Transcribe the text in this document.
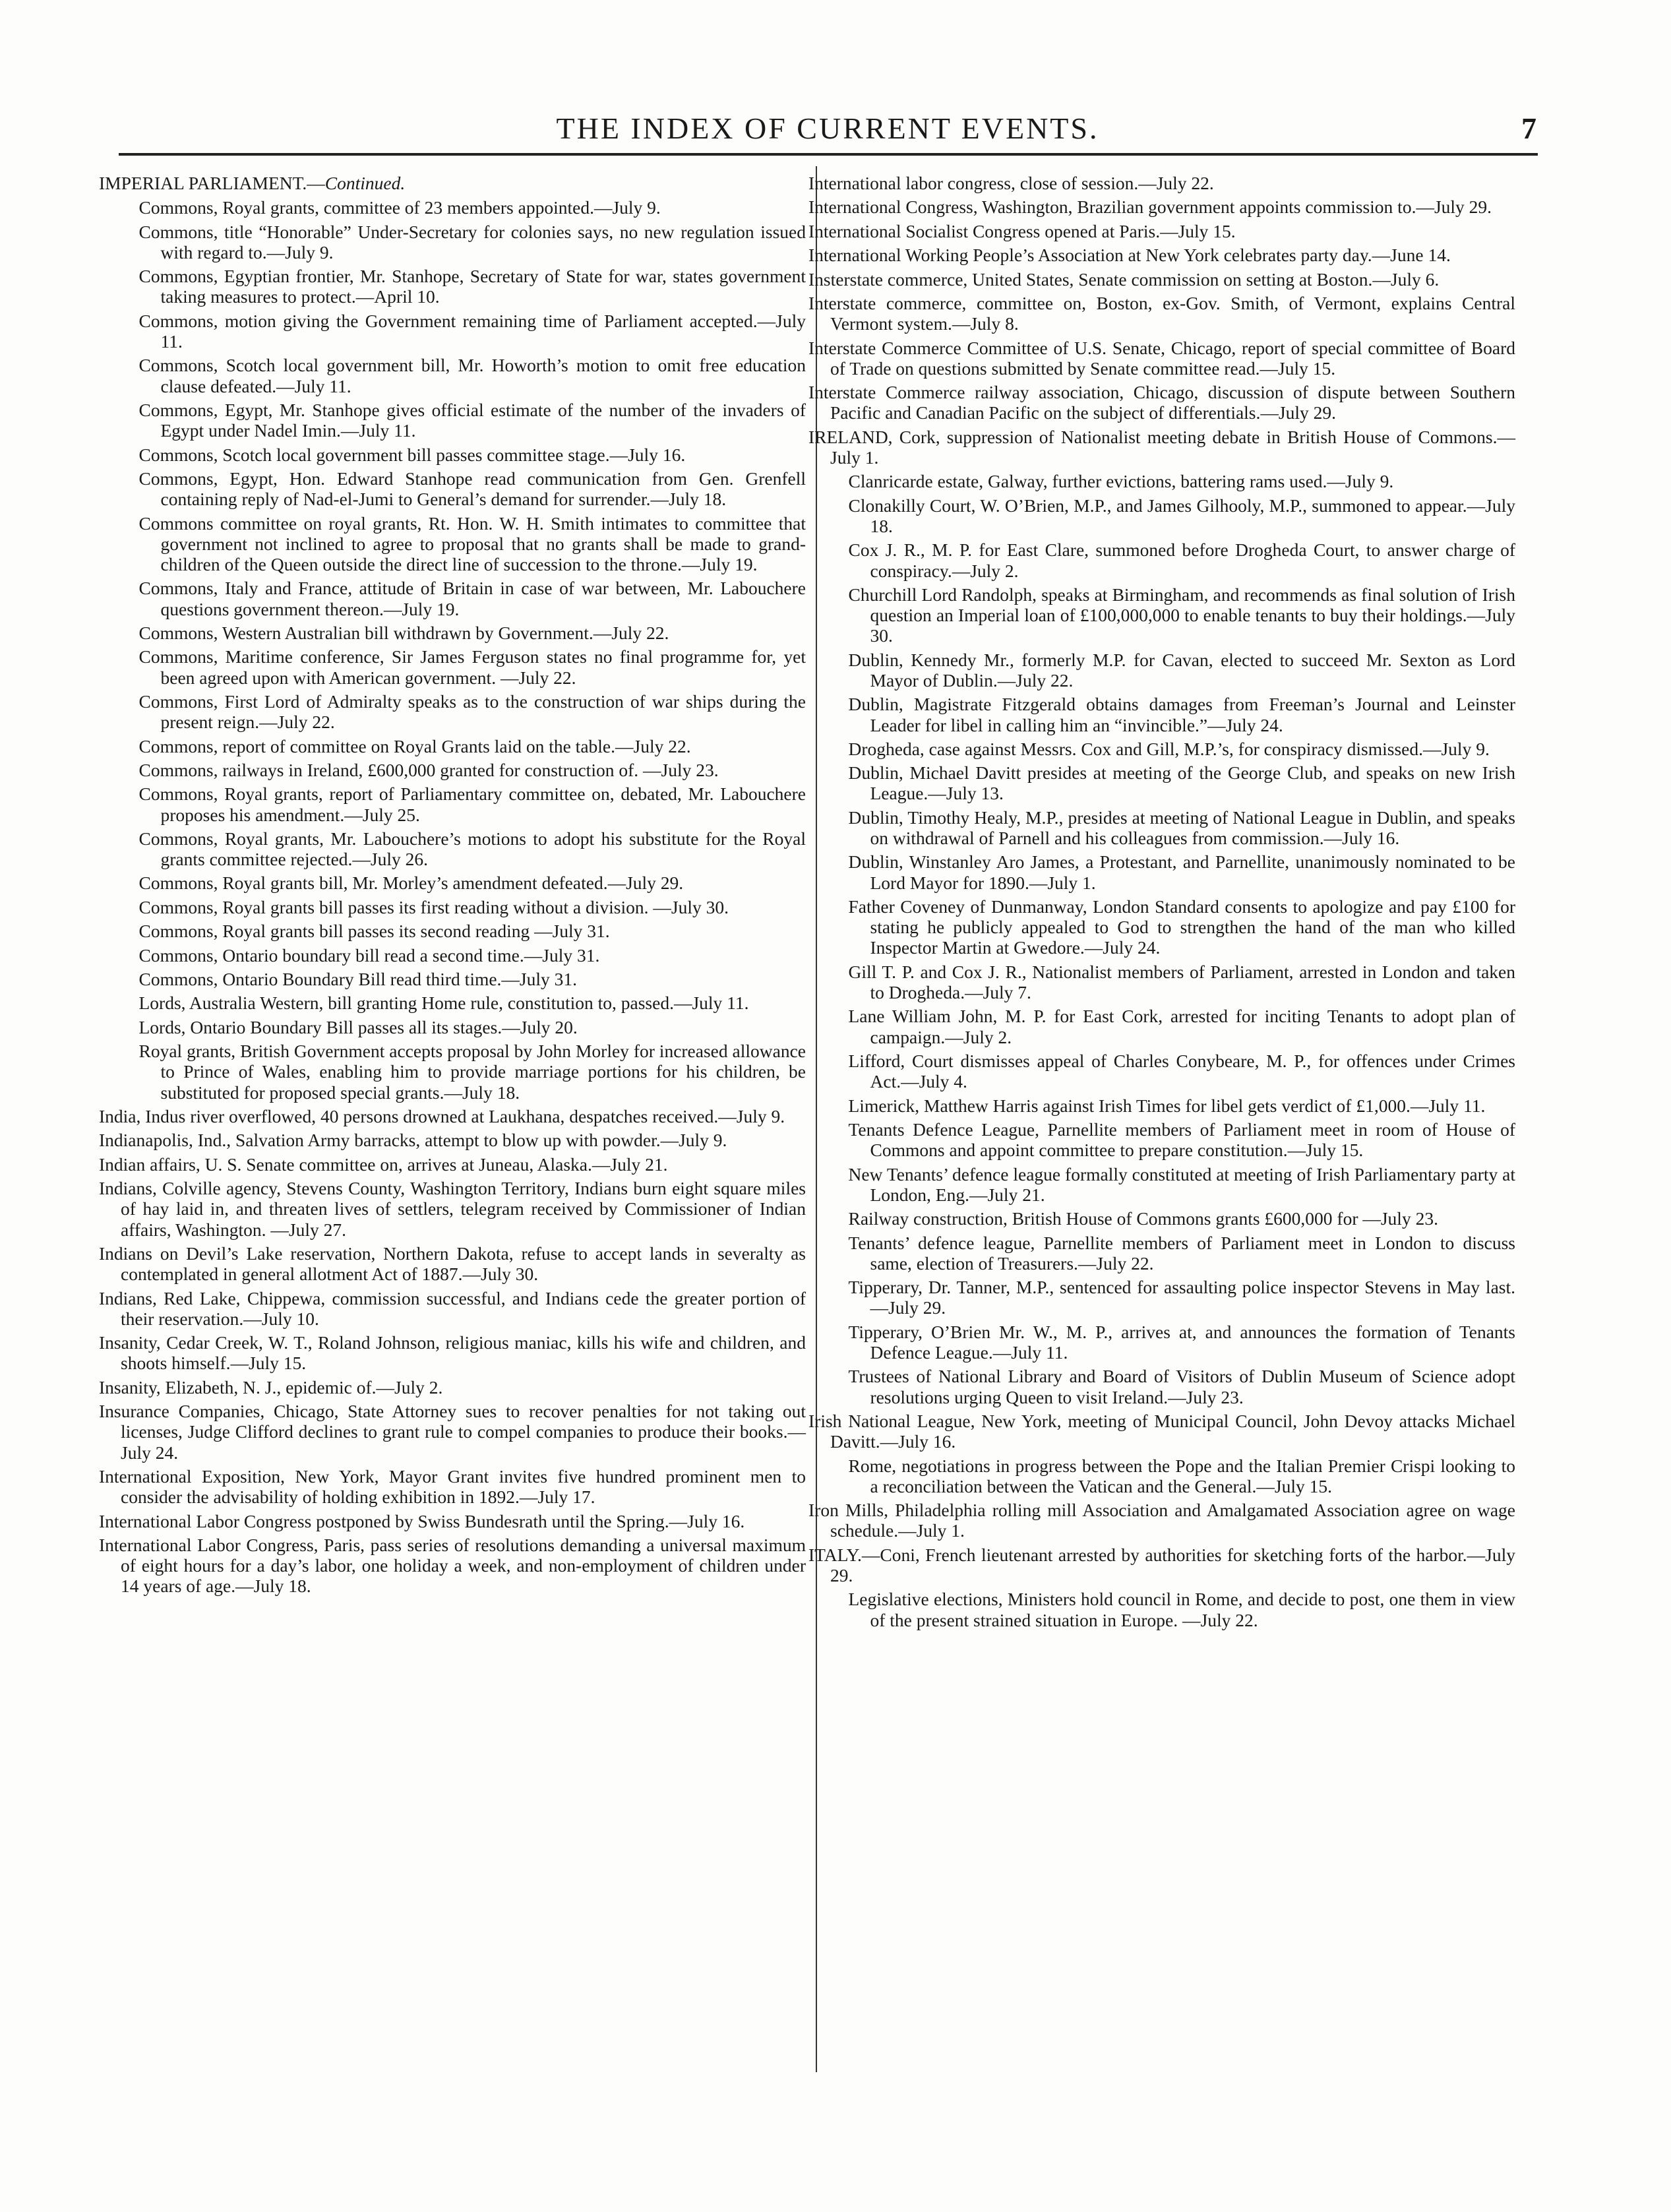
THE INDEX OF CURRENT EVENTS.	7

IMPERIAL PARLIAMENT.—Continued.

Commons, Royal grants, committee of 23 members appointed.—July 9.

Commons, title “Honorable” Under-Secretary for colonies says, no new regulation issued with regard to.—July 9.

Commons, Egyptian frontier, Mr. Stanhope, Secretary of State for war, states government taking measures to protect.—April 10.

Commons, motion giving the Government remaining time of Parliament accepted.—July 11.

Commons, Scotch local government bill, Mr. Howorth’s motion to omit free education clause defeated.—July 11.

Commons, Egypt, Mr. Stanhope gives official estimate of the number of the invaders of Egypt under Nadel Imin.—July 11.

Commons, Scotch local government bill passes committee stage.—July 16.

Commons, Egypt, Hon. Edward Stanhope read communication from Gen. Grenfell containing reply of Nad-el-Jumi to General’s demand for surrender.—July 18.

Commons committee on royal grants, Rt. Hon. W. H. Smith intimates to committee that government not inclined to agree to proposal that no grants shall be made to grand-children of the Queen outside the direct line of succession to the throne.—July 19.

Commons, Italy and France, attitude of Britain in case of war between, Mr. Labouchere questions government thereon.—July 19.

Commons, Western Australian bill withdrawn by Government.—July 22.

Commons, Maritime conference, Sir James Ferguson states no final programme for, yet been agreed upon with American government. —July 22.

Commons, First Lord of Admiralty speaks as to the construction of war ships during the present reign.—July 22.

Commons, report of committee on Royal Grants laid on the table.—July 22.

Commons, railways in Ireland, £600,000 granted for construction of. —July 23.

Commons, Royal grants, report of Parliamentary committee on, debated, Mr. Labouchere proposes his amendment.—July 25.

Commons, Royal grants, Mr. Labouchere’s motions to adopt his substitute for the Royal grants committee rejected.—July 26.

Commons, Royal grants bill, Mr. Morley’s amendment defeated.—July 29.

Commons, Royal grants bill passes its first reading without a division. —July 30.

Commons, Royal grants bill passes its second reading —July 31.

Commons, Ontario boundary bill read a second time.—July 31.

Commons, Ontario Boundary Bill read third time.—July 31.

Lords, Australia Western, bill granting Home rule, constitution to, passed.—July 11.

Lords, Ontario Boundary Bill passes all its stages.—July 20.

Royal grants, British Government accepts proposal by John Morley for increased allowance to Prince of Wales, enabling him to provide marriage portions for his children, be substituted for proposed special grants.—July 18.

India, Indus river overflowed, 40 persons drowned at Laukhana, despatches received.—July 9.

Indianapolis, Ind., Salvation Army barracks, attempt to blow up with powder.—July 9.

Indian affairs, U. S. Senate committee on, arrives at Juneau, Alaska.—July 21.

Indians, Colville agency, Stevens County, Washington Territory, Indians burn eight square miles of hay laid in, and threaten lives of settlers, telegram received by Commissioner of Indian affairs, Washington. —July 27.

Indians on Devil’s Lake reservation, Northern Dakota, refuse to accept lands in severalty as contemplated in general allotment Act of 1887.—July 30.

Indians, Red Lake, Chippewa, commission successful, and Indians cede the greater portion of their reservation.—July 10.

Insanity, Cedar Creek, W. T., Roland Johnson, religious maniac, kills his wife and children, and shoots himself.—July 15.

Insanity, Elizabeth, N. J., epidemic of.—July 2.

Insurance Companies, Chicago, State Attorney sues to recover penalties for not taking out licenses, Judge Clifford declines to grant rule to compel companies to produce their books.—July 24.

International Exposition, New York, Mayor Grant invites five hundred prominent men to consider the advisability of holding exhibition in 1892.—July 17.

International Labor Congress postponed by Swiss Bundesrath until the Spring.—July 16.

International Labor Congress, Paris, pass series of resolutions demanding a universal maximum of eight hours for a day’s labor, one holiday a week, and non-employment of children under 14 years of age.—July 18.

International labor congress, close of session.—July 22.

International Congress, Washington, Brazilian government appoints commission to.—July 29.

International Socialist Congress opened at Paris.—July 15.

International Working People’s Association at New York celebrates party day.—June 14.

Insterstate commerce, United States, Senate commission on setting at Boston.—July 6.

Interstate commerce, committee on, Boston, ex-Gov. Smith, of Vermont, explains Central Vermont system.—July 8.

Interstate Commerce Committee of U.S. Senate, Chicago, report of special committee of Board of Trade on questions submitted by Senate committee read.—July 15.

Interstate Commerce railway association, Chicago, discussion of dispute between Southern Pacific and Canadian Pacific on the subject of differentials.—July 29.

IRELAND, Cork, suppression of Nationalist meeting debate in British House of Commons.—July 1.

Clanricarde estate, Galway, further evictions, battering rams used.—July 9.

Clonakilly Court, W. O’Brien, M.P., and James Gilhooly, M.P., summoned to appear.—July 18.

Cox J. R., M. P. for East Clare, summoned before Drogheda Court, to answer charge of conspiracy.—July 2.

Churchill Lord Randolph, speaks at Birmingham, and recommends as final solution of Irish question an Imperial loan of £100,000,000 to enable tenants to buy their holdings.—July 30.

Dublin, Kennedy Mr., formerly M.P. for Cavan, elected to succeed Mr. Sexton as Lord Mayor of Dublin.—July 22.

Dublin, Magistrate Fitzgerald obtains damages from Freeman’s Journal and Leinster Leader for libel in calling him an “invincible.”—July 24.

Drogheda, case against Messrs. Cox and Gill, M.P.’s, for conspiracy dismissed.—July 9.

Dublin, Michael Davitt presides at meeting of the George Club, and speaks on new Irish League.—July 13.

Dublin, Timothy Healy, M.P., presides at meeting of National League in Dublin, and speaks on withdrawal of Parnell and his colleagues from commission.—July 16.

Dublin, Winstanley Aro James, a Protestant, and Parnellite, unanimously nominated to be Lord Mayor for 1890.—July 1.

Father Coveney of Dunmanway, London Standard consents to apologize and pay £100 for stating he publicly appealed to God to strengthen the hand of the man who killed Inspector Martin at Gwedore.—July 24.

Gill T. P. and Cox J. R., Nationalist members of Parliament, arrested in London and taken to Drogheda.—July 7.

Lane William John, M. P. for East Cork, arrested for inciting Tenants to adopt plan of campaign.—July 2.

Lifford, Court dismisses appeal of Charles Conybeare, M. P., for offences under Crimes Act.—July 4.

Limerick, Matthew Harris against Irish Times for libel gets verdict of £1,000.—July 11.

Tenants Defence League, Parnellite members of Parliament meet in room of House of Commons and appoint committee to prepare constitution.—July 15.

New Tenants’ defence league formally constituted at meeting of Irish Parliamentary party at London, Eng.—July 21.

Railway construction, British House of Commons grants £600,000 for —July 23.

Tenants’ defence league, Parnellite members of Parliament meet in London to discuss same, election of Treasurers.—July 22.

Tipperary, Dr. Tanner, M.P., sentenced for assaulting police inspector Stevens in May last.—July 29.

Tipperary, O’Brien Mr. W., M. P., arrives at, and announces the formation of Tenants Defence League.—July 11.

Trustees of National Library and Board of Visitors of Dublin Museum of Science adopt resolutions urging Queen to visit Ireland.—July 23.

Irish National League, New York, meeting of Municipal Council, John Devoy attacks Michael Davitt.—July 16.

Rome, negotiations in progress between the Pope and the Italian Premier Crispi looking to a reconciliation between the Vatican and the General.—July 15.

Iron Mills, Philadelphia rolling mill Association and Amalgamated Association agree on wage schedule.—July 1.

ITALY.—Coni, French lieutenant arrested by authorities for sketching forts of the harbor.—July 29.

Legislative elections, Ministers hold council in Rome, and decide to post, one them in view of the present strained situation in Europe. —July 22.
